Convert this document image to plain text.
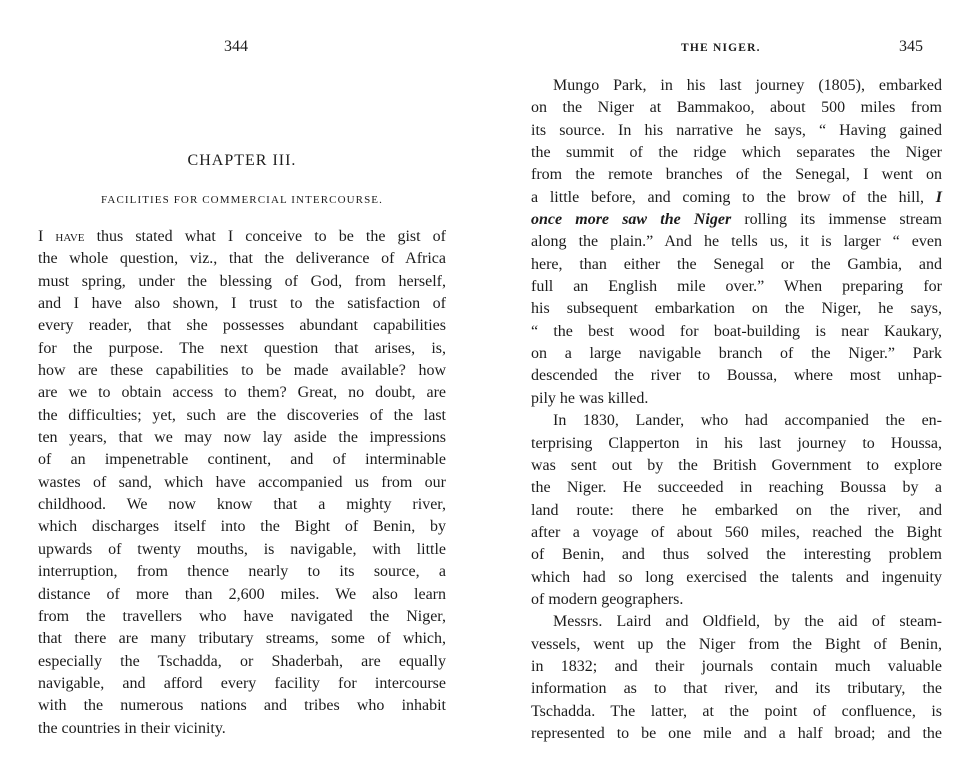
344
CHAPTER III.
FACILITIES FOR COMMERCIAL INTERCOURSE.
I have thus stated what I conceive to be the gist of
the whole question, viz., that the deliverance of Africa
must spring, under the blessing of God, from herself,
and I have also shown, I trust to the satisfaction of
every reader, that she possesses abundant capabilities
for the purpose. The next question that arises, is,
how are these capabilities to be made available? how
are we to obtain access to them? Great, no doubt, are
the difficulties; yet, such are the discoveries of the last
ten years, that we may now lay aside the impressions
of an impenetrable continent, and of interminable
wastes of sand, which have accompanied us from our
childhood. We now know that a mighty river,
which discharges itself into the Bight of Benin, by
upwards of twenty mouths, is navigable, with little
interruption, from thence nearly to its source, a
distance of more than 2,600 miles. We also learn
from the travellers who have navigated the Niger,
that there are many tributary streams, some of which,
especially the Tschadda, or Shaderbah, are equally
navigable, and afford every facility for intercourse
with the numerous nations and tribes who inhabit
the countries in their vicinity.
THE NIGER.	345
Mungo Park, in his last journey (1805), embarked
on the Niger at Bammakoo, about 500 miles from
its source. In his narrative he says, “ Having gained
the summit of the ridge which separates the Niger
from the remote branches of the Senegal, I went on
a little before, and coming to the brow of the hill, I
once more saw the Niger rolling its immense stream
along the plain.” And he tells us, it is larger “ even
here, than either the Senegal or the Gambia, and
full an English mile over.” When preparing for
his subsequent embarkation on the Niger, he says,
“ the best wood for boat-building is near Kaukary,
on a large navigable branch of the Niger.” Park
descended the river to Boussa, where most unhap-
pily he was killed.
In 1830, Lander, who had accompanied the en-
terprising Clapperton in his last journey to Houssa,
was sent out by the British Government to explore
the Niger. He succeeded in reaching Boussa by a
land route: there he embarked on the river, and
after a voyage of about 560 miles, reached the Bight
of Benin, and thus solved the interesting problem
which had so long exercised the talents and ingenuity
of modern geographers.
Messrs. Laird and Oldfield, by the aid of steam-
vessels, went up the Niger from the Bight of Benin,
in 1832; and their journals contain much valuable
information as to that river, and its tributary, the
Tschadda. The latter, at the point of confluence, is
represented to be one mile and a half broad; and the
